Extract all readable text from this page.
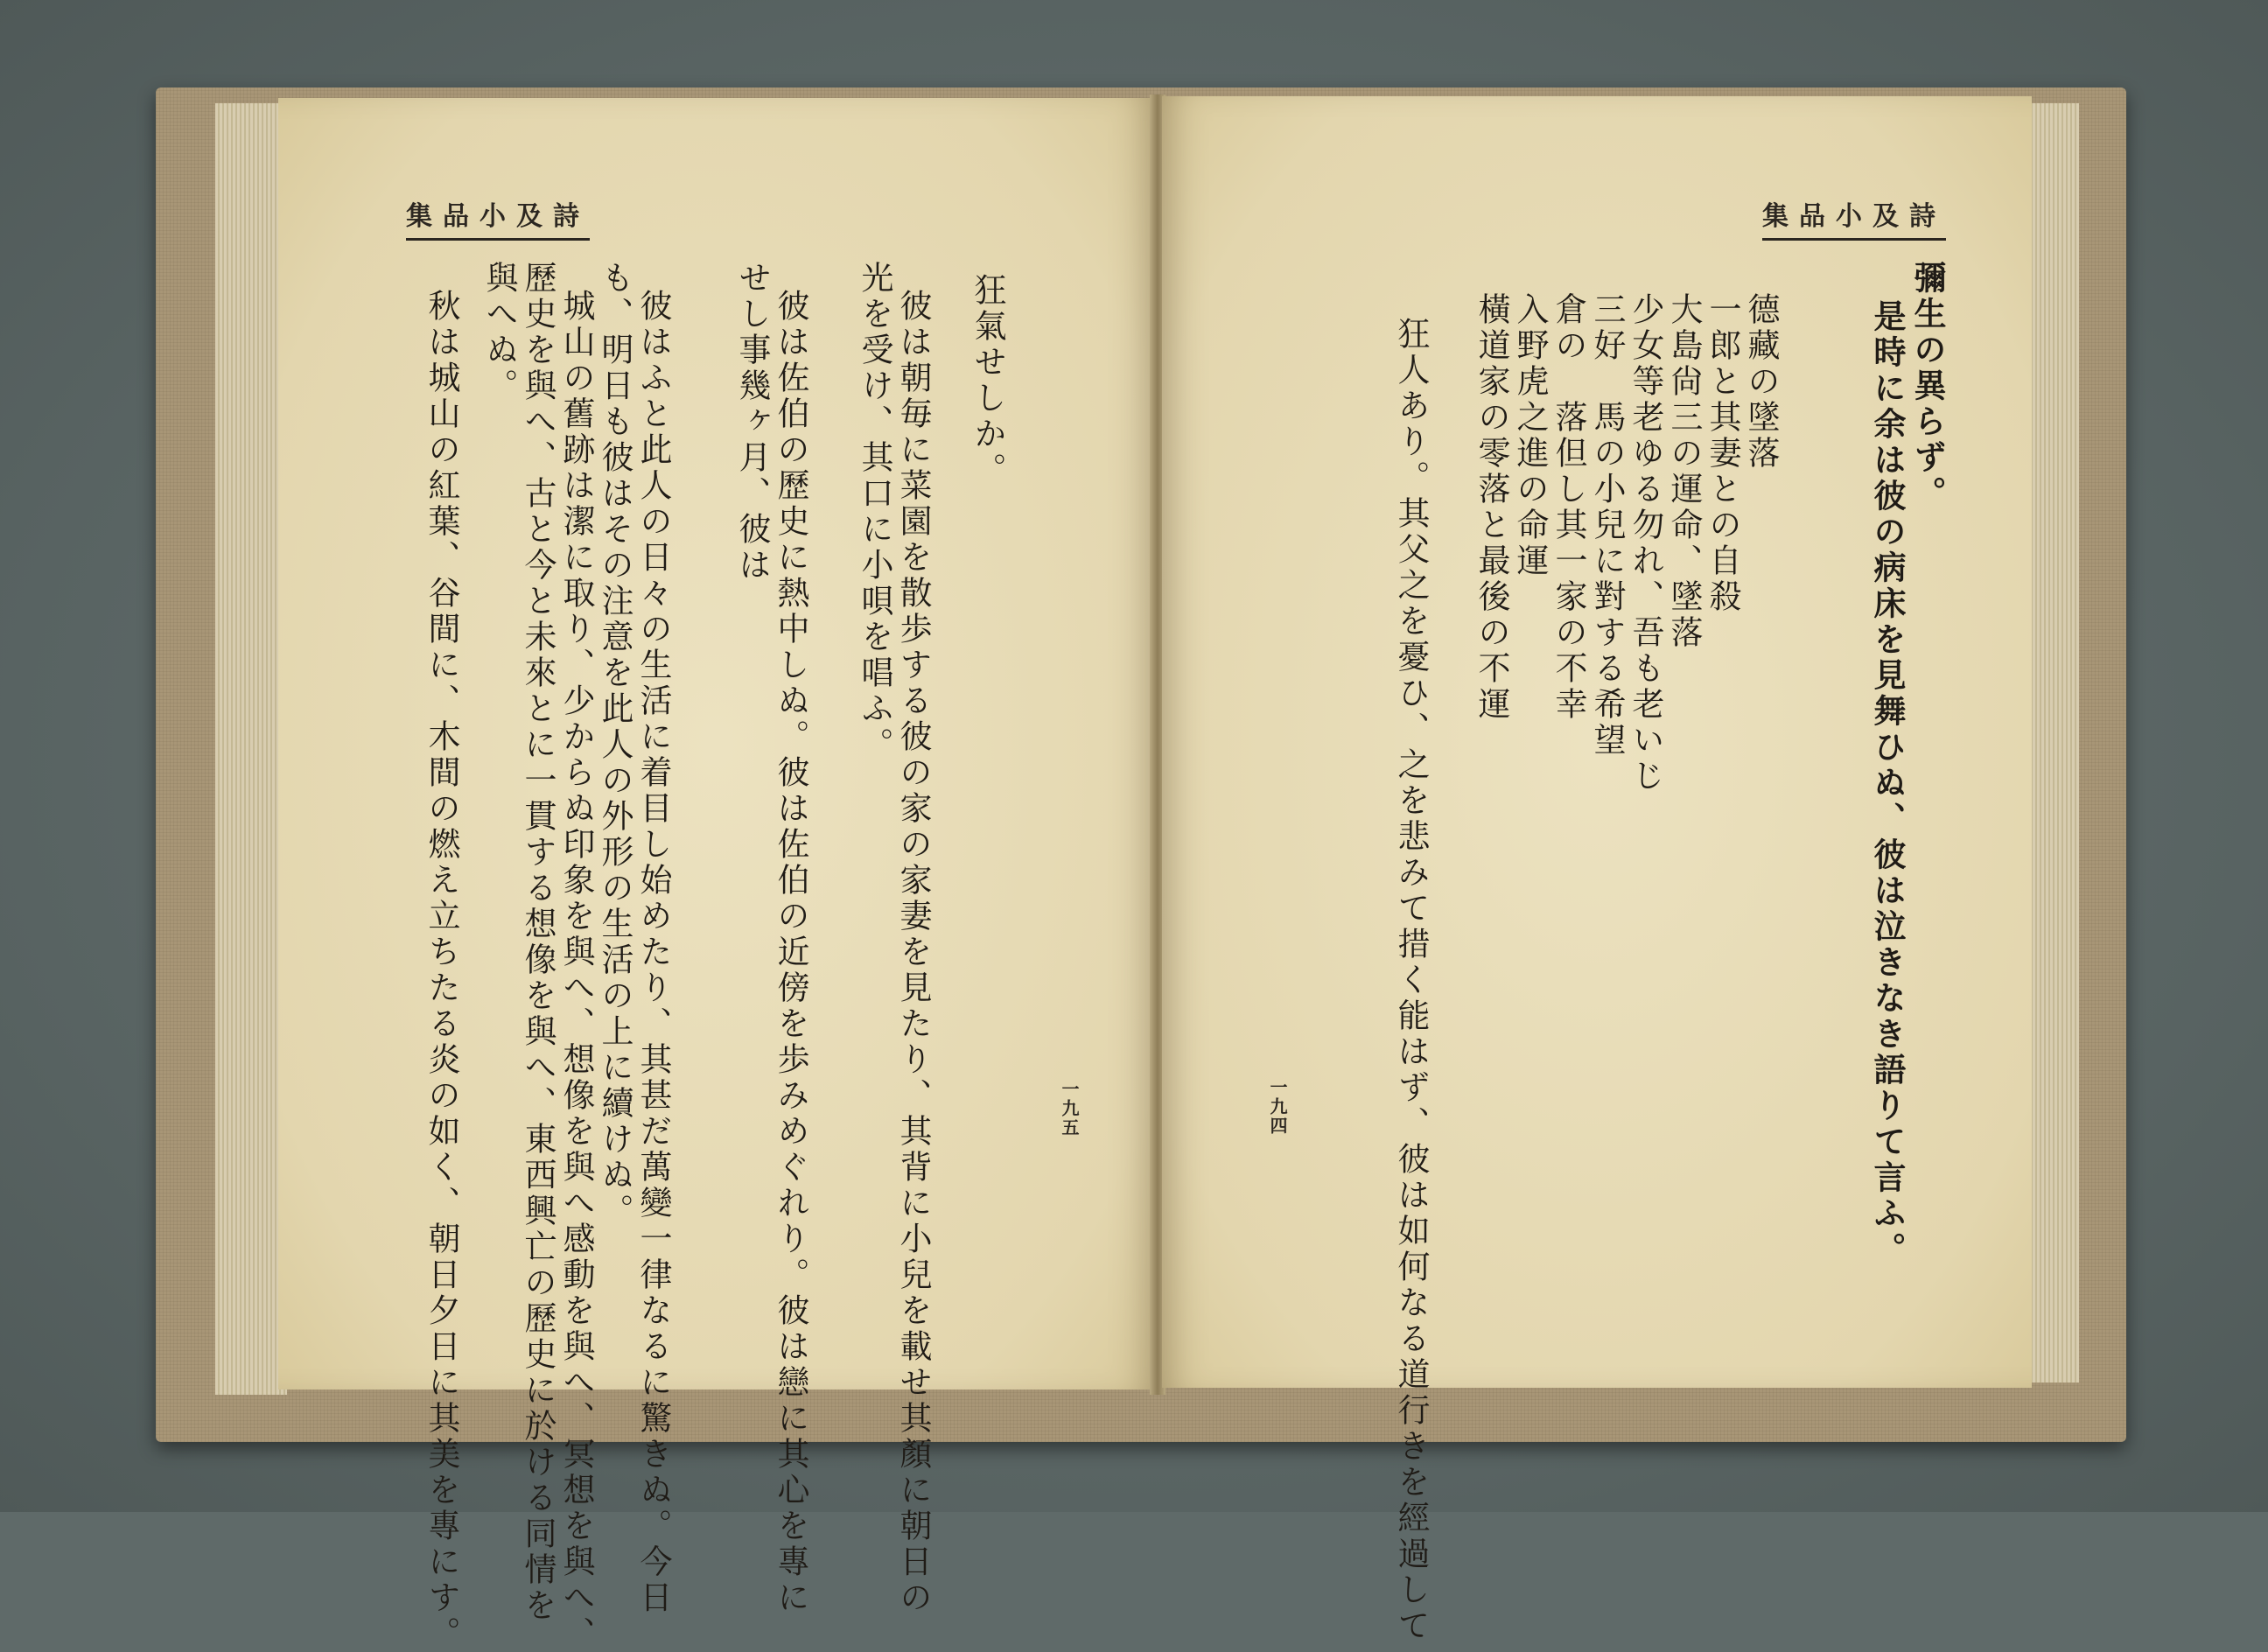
集品小及詩
狂氣せしか。
彼は朝毎に菜園を散歩する彼の家の家妻を見たり、其背に小兒を載せ其顏に朝日の
光を受け、其口に小唄を唱ふ。
彼は佐伯の歷史に熱中しぬ。彼は佐伯の近傍を歩みめぐれり。彼は戀に其心を專に
せし事幾ヶ月、彼は
彼はふと此人の日々の生活に着目し始めたり、其甚だ萬變一律なるに驚きぬ。今日
も、明日も彼はその注意を此人の外形の生活の上に續けぬ。
城山の舊跡は潔に取り、少からぬ印象を與へ、想像を與へ感動を與へ、冥想を與へ、
歷史を與へ、古と今と未來とに一貫する想像を與へ、東西興亡の歷史に於ける同情を
與へぬ。
秋は城山の紅葉、谷間に、木間の燃え立ちたる炎の如く、朝日夕日に其美を專にす。	一九五
集品小及詩
彌生の異らず。
是時に余は彼の病床を見舞ひぬ、彼は泣きなき語りて言ふ。
德藏の墜落
一郎と其妻との自殺
大島尙三の運命、墜落
少女等老ゆる勿れ、吾も老いじ
三好　馬の小兒に對する希望
倉の　落但し其一家の不幸
入野虎之進の命運
橫道家の零落と最後の不運
狂人あり。其父之を憂ひ、之を悲みて措く能はず、彼は如何なる道行きを經過して
一九四
